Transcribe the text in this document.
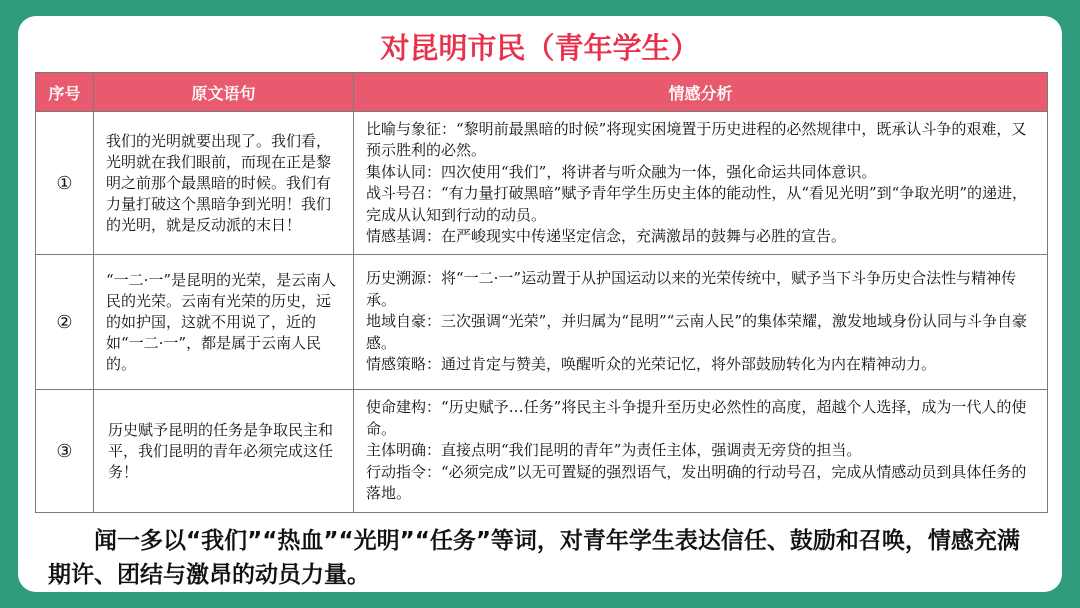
对昆明市民（青年学生）
序号	原文语句	情感分析
①	我们的光明就要出现了。我们看，光明就在我们眼前，而现在正是黎明之前那个最黑暗的时候。我们有力量打破这个黑暗争到光明！我们的光明，就是反动派的末日！	比喻与象征：“黎明前最黑暗的时候”将现实困境置于历史进程的必然规律中，既承认斗争的艰难，又预示胜利的必然。

集体认同：四次使用“我们”，将讲者与听众融为一体，强化命运共同体意识。

战斗号召：“有力量打破黑暗”赋予青年学生历史主体的能动性，从“看见光明”到“争取光明”的递进，完成从认知到行动的动员。

情感基调：在严峻现实中传递坚定信念，充满激昂的鼓舞与必胜的宣告。

②	“一二·一”是昆明的光荣，是云南人民的光荣。云南有光荣的历史，远的如护国，这就不用说了，近的如“一二·一”，都是属于云南人民的。	历史溯源：将“一二·一”运动置于从护国运动以来的光荣传统中，赋予当下斗争历史合法性与精神传承。

地域自豪：三次强调“光荣”，并归属为“昆明”“云南人民”的集体荣耀，激发地域身份认同与斗争自豪感。

情感策略：通过肯定与赞美，唤醒听众的光荣记忆，将外部鼓励转化为内在精神动力。

③	历史赋予昆明的任务是争取民主和平，我们昆明的青年必须完成这任务！	使命建构：“历史赋予…任务”将民主斗争提升至历史必然性的高度，超越个人选择，成为一代人的使命。

主体明确：直接点明“我们昆明的青年”为责任主体，强调责无旁贷的担当。

行动指令：“必须完成”以无可置疑的强烈语气，发出明确的行动号召，完成从情感动员到具体任务的落地。

闻一多以“我们”“热血”“光明”“任务”等词，对青年学生表达信任、鼓励和召唤，情感充满期许、团结与激昂的动员力量。
